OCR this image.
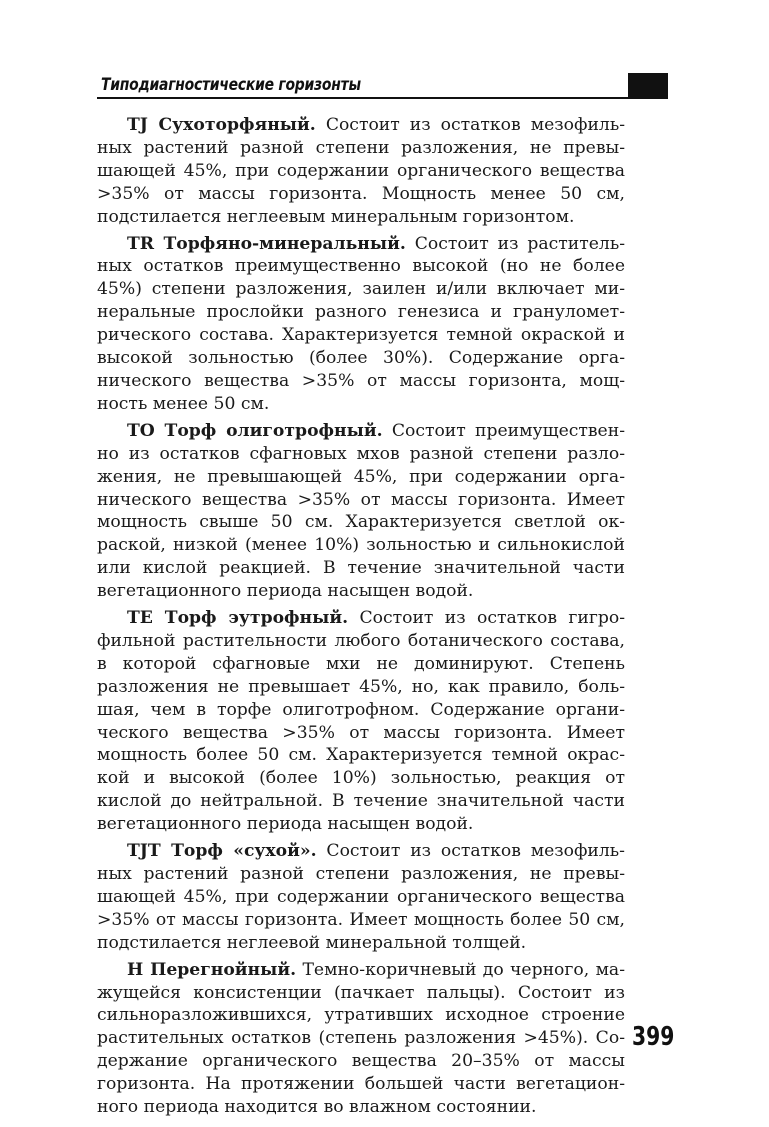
Типодиагностические горизонты

TJ Сухоторфяный. Состоит из остатков мезофильных растений разной степени разложения, не превышающей 45%, при содержании органического вещества >35% от массы горизонта. Мощность менее 50 см, подстилается неглеевым минеральным горизонтом.

TR Торфяно-минеральный. Состоит из растительных остатков преимущественно высокой (но не более 45%) степени разложения, заилен и/или включает минеральные прослойки разного генезиса и гранулометрического состава. Характеризуется темной окраской и высокой зольностью (более 30%). Содержание органического вещества >35% от массы горизонта, мощность менее 50 см.

ТО Торф олиготрофный. Состоит преимущественно из остатков сфагновых мхов разной степени разложения, не превышающей 45%, при содержании органического вещества >35% от массы горизонта. Имеет мощность свыше 50 см. Характеризуется светлой окраской, низкой (менее 10%) зольностью и сильнокислой или кислой реакцией. В течение значительной части вегетационного периода насыщен водой.

ТЕ Торф эутрофный. Состоит из остатков гигрофильной растительности любого ботанического состава, в которой сфагновые мхи не доминируют. Степень разложения не превышает 45%, но, как правило, большая, чем в торфе олиготрофном. Содержание органического вещества >35% от массы горизонта. Имеет мощность более 50 см. Характеризуется темной окраской и высокой (более 10%) зольностью, реакция от кислой до нейтральной. В течение значительной части вегетационного периода насыщен водой.

TJT Торф «сухой». Состоит из остатков мезофильных растений разной степени разложения, не превышающей 45%, при содержании органического вещества >35% от массы горизонта. Имеет мощность более 50 см, подстилается неглеевой минеральной толщей.

Н Перегнойный. Темно-коричневый до черного, мажущейся консистенции (пачкает пальцы). Состоит из сильноразложившихся, утративших исходное строение растительных остатков (степень разложения >45%). Содержание органического вещества 20–35% от массы горизонта. На протяжении большей части вегетационного периода находится во влажном состоянии.

399
